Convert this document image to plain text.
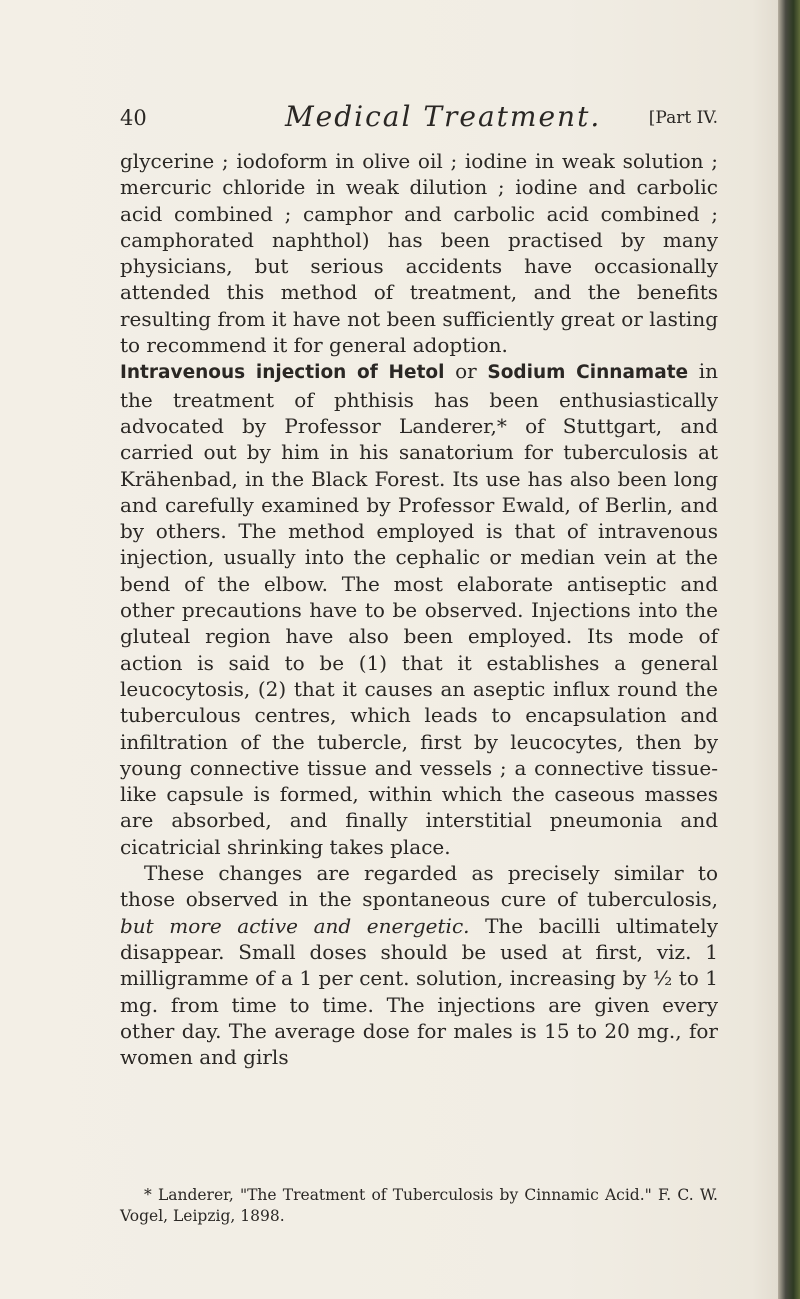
40	Medical Treatment.	[Part IV.

glycerine ; iodoform in olive oil ; iodine in weak solution ; mercuric chloride in weak dilution ; iodine and carbolic acid combined ; camphor and carbolic acid combined ; camphorated naphthol) has been practised by many physicians, but serious accidents have occasionally attended this method of treatment, and the benefits resulting from it have not been sufficiently great or lasting to recommend it for general adoption.

Intravenous injection of Hetol or Sodium Cinnamate in the treatment of phthisis has been enthusiastically advocated by Professor Landerer,* of Stuttgart, and carried out by him in his sanatorium for tuberculosis at Krähenbad, in the Black Forest. Its use has also been long and carefully examined by Professor Ewald, of Berlin, and by others. The method employed is that of intravenous injection, usually into the cephalic or median vein at the bend of the elbow. The most elaborate antiseptic and other precautions have to be observed. Injections into the gluteal region have also been employed. Its mode of action is said to be (1) that it establishes a general leucocytosis, (2) that it causes an aseptic influx round the tuberculous centres, which leads to encapsulation and infiltration of the tubercle, first by leucocytes, then by young connective tissue and vessels ; a connective tissue-like capsule is formed, within which the caseous masses are absorbed, and finally interstitial pneumonia and cicatricial shrinking takes place.

These changes are regarded as precisely similar to those observed in the spontaneous cure of tuberculosis, but more active and energetic. The bacilli ultimately disappear. Small doses should be used at first, viz. 1 milligramme of a 1 per cent. solution, increasing by ½ to 1 mg. from time to time. The injections are given every other day. The average dose for males is 15 to 20 mg., for women and girls

* Landerer, "The Treatment of Tuberculosis by Cinnamic Acid." F. C. W. Vogel, Leipzig, 1898.
